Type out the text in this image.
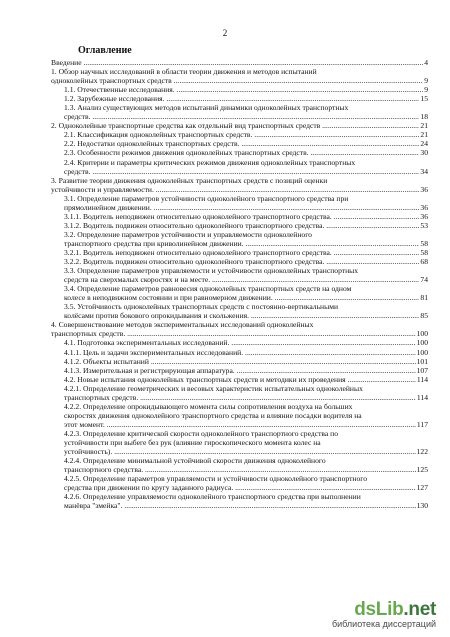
2
Оглавление
Введение .....	4
1. Обзор научных исследований в области теории движения и методов испытаний
одноколейных транспортных средств .....	9
1.1. Отечественные исследования. .....	9
1.2. Зарубежные исследования. .....	15
1.3. Анализ существующих методов испытаний динамики одноколейных транспортных
средств. .....	18
2. Одноколейные транспортные средства как отдельный вид транспортных средств .....	21
2.1. Классификация одноколейных транспортных средств. .....	21
2.2. Недостатки одноколейных транспортных средств. .....	24
2.3. Особенности режимов движения одноколейных транспортных средств. .....	30
2.4. Критерии и параметры критических режимов движения одноколейных транспортных
средств. .....	34
3. Развитие теории движения одноколейных транспортных средств с позиций оценки
устойчивости и управляемости. .....	36
3.1. Определение параметров устойчивости одноколейного транспортного средства при
прямолинейном движении. .....	36
3.1.1. Водитель неподвижен относительно одноколейного транспортного средства. .....	36
3.1.2. Водитель подвижен относительно одноколейного транспортного средства. .....	53
3.2. Определение параметров устойчивости и управляемости одноколейного
транспортного средства при криволинейном движении. .....	58
3.2.1. Водитель неподвижен относительно одноколейного транспортного средства. .....	58
3.2.2. Водитель подвижен относительно одноколейного транспортного средства. .....	68
3.3. Определение параметров управляемости и устойчивости одноколейных транспортных
средств на сверхмалых скоростях и на месте. .....	74
3.4. Определение параметров равновесия одноколейных транспортных средств на одном
колесе в неподвижном состоянии и при равномерном движении. .....	81
3.5. Устойчивость одноколейных транспортных средств с постоянно-вертикальными
колёсами против бокового опрокидывания и скольжения. .....	85
4. Совершенствование методов экспериментальных исследований одноколейных
транспортных средств. .....	100
4.1. Подготовка экспериментальных исследований. .....	100
4.1.1. Цель и задачи экспериментальных исследований. .....	100
4.1.2. Объекты испытаний .....	101
4.1.3. Измерительная и регистрирующая аппаратура. .....	107
4.2. Новые испытания одноколейных транспортных средств и методики их проведения .....	114
4.2.1. Определение геометрических и весовых характеристик испытательных одноколейных
транспортных средств. .....	114
4.2.2. Определение опрокидывающего момента силы сопротивления воздуха на больших
скоростях движения одноколейного транспортного средства и влияние посадки водителя на
этот момент. .....	117
4.2.3. Определение критической скорости одноколейного транспортного средства по
устойчивости при выбеге без рук (влияние гироскопического момента колес на
устойчивость). .....	122
4.2.4. Определение минимальной устойчивой скорости движения одноколейного
транспортного средства. .....	125
4.2.5. Определение параметров управляемости и устойчивости одноколейного транспортного
средства при движении по кругу заданного радиуса. .....	127
4.2.6. Определение управляемости одноколейного транспортного средства при выполнении
манёвра "змейка". .....	130
dsLib.net
библиотека диссертаций
